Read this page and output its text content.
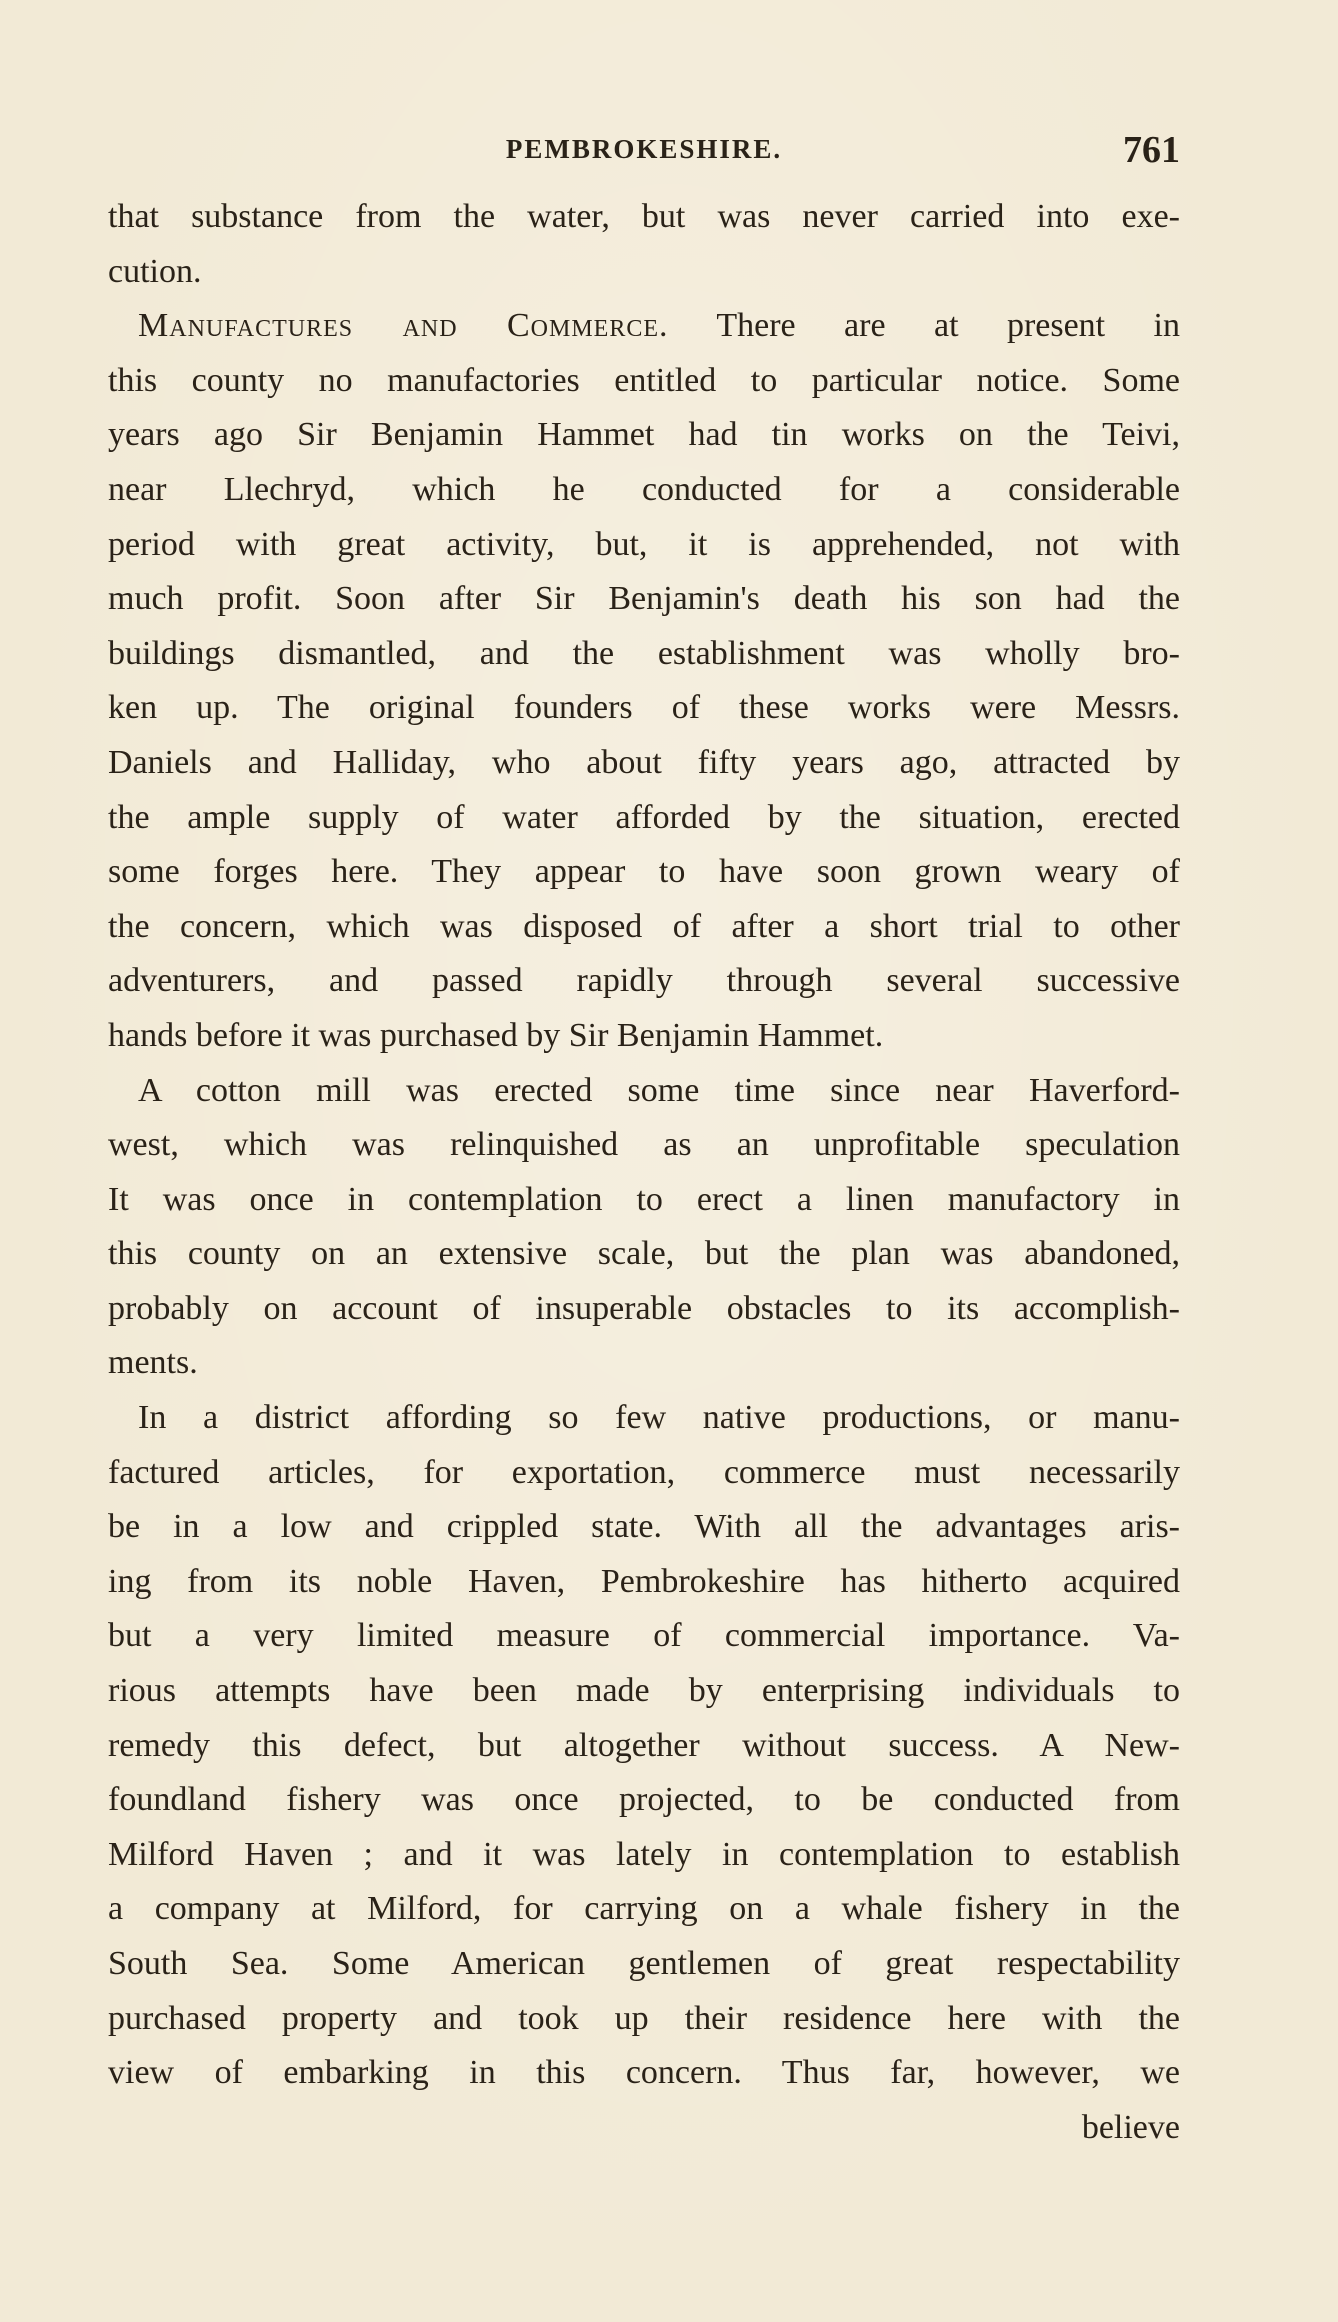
PEMBROKESHIRE.	761
that substance from the water, but was never carried into exe-
cution.
Manufactures and Commerce. There are at present in
this county no manufactories entitled to particular notice. Some
years ago Sir Benjamin Hammet had tin works on the Teivi,
near Llechryd, which he conducted for a considerable
period with great activity, but, it is apprehended, not with
much profit. Soon after Sir Benjamin's death his son had the
buildings dismantled, and the establishment was wholly bro-
ken up. The original founders of these works were Messrs.
Daniels and Halliday, who about fifty years ago, attracted by
the ample supply of water afforded by the situation, erected
some forges here. They appear to have soon grown weary of
the concern, which was disposed of after a short trial to other
adventurers, and passed rapidly through several successive
hands before it was purchased by Sir Benjamin Hammet.
A cotton mill was erected some time since near Haverford-
west, which was relinquished as an unprofitable speculation
It was once in contemplation to erect a linen manufactory in
this county on an extensive scale, but the plan was abandoned,
probably on account of insuperable obstacles to its accomplish-
ments.
In a district affording so few native productions, or manu-
factured articles, for exportation, commerce must necessarily
be in a low and crippled state. With all the advantages aris-
ing from its noble Haven, Pembrokeshire has hitherto acquired
but a very limited measure of commercial importance. Va-
rious attempts have been made by enterprising individuals to
remedy this defect, but altogether without success. A New-
foundland fishery was once projected, to be conducted from
Milford Haven ; and it was lately in contemplation to establish
a company at Milford, for carrying on a whale fishery in the
South Sea. Some American gentlemen of great respectability
purchased property and took up their residence here with the
view of embarking in this concern. Thus far, however, we
believe
